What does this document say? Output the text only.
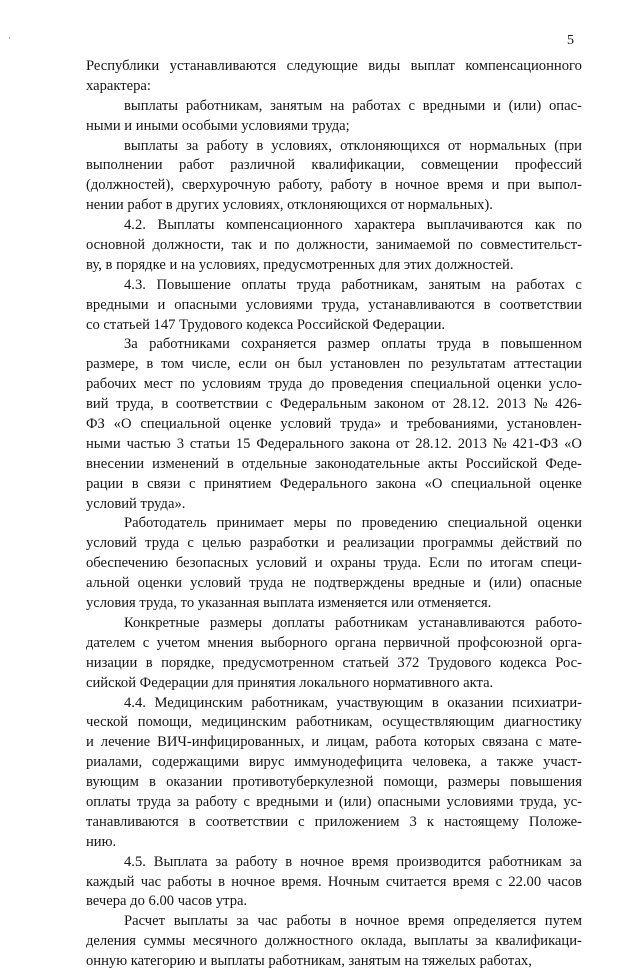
·	5
Республики устанавливаются следующие виды выплат компенсационного
характера:
выплаты работникам, занятым на работах с вредными и (или) опас-
ными и иными особыми условиями труда;
выплаты за работу в условиях, отклоняющихся от нормальных (при
выполнении работ различной квалификации, совмещении профессий
(должностей), сверхурочную работу, работу в ночное время и при выпол-
нении работ в других условиях, отклоняющихся от нормальных).
4.2. Выплаты компенсационного характера выплачиваются как по
основной должности, так и по должности, занимаемой по совместительст-
ву, в порядке и на условиях, предусмотренных для этих должностей.
4.3. Повышение оплаты труда работникам, занятым на работах с
вредными и опасными условиями труда, устанавливаются в соответствии
со статьей 147 Трудового кодекса Российской Федерации.
За работниками сохраняется размер оплаты труда в повышенном
размере, в том числе, если он был установлен по результатам аттестации
рабочих мест по условиям труда до проведения специальной оценки усло-
вий труда, в соответствии с Федеральным законом от 28.12. 2013 № 426-
ФЗ «О специальной оценке условий труда» и требованиями, установлен-
ными частью 3 статьи 15 Федерального закона от 28.12. 2013 № 421-ФЗ «О
внесении изменений в отдельные законодательные акты Российской Феде-
рации в связи с принятием Федерального закона «О специальной оценке
условий труда».
Работодатель принимает меры по проведению специальной оценки
условий труда с целью разработки и реализации программы действий по
обеспечению безопасных условий и охраны труда. Если по итогам специ-
альной оценки условий труда не подтверждены вредные и (или) опасные
условия труда, то указанная выплата изменяется или отменяется.
Конкретные размеры доплаты работникам устанавливаются работо-
дателем с учетом мнения выборного органа первичной профсоюзной орга-
низации в порядке, предусмотренном статьей 372 Трудового кодекса Рос-
сийской Федерации для принятия локального нормативного акта.
4.4. Медицинским работникам, участвующим в оказании психиатри-
ческой помощи, медицинским работникам, осуществляющим диагностику
и лечение ВИЧ-инфицированных, и лицам, работа которых связана с мате-
риалами, содержащими вирус иммунодефицита человека, а также участ-
вующим в оказании противотуберкулезной помощи, размеры повышения
оплаты труда за работу с вредными и (или) опасными условиями труда, ус-
танавливаются в соответствии с приложением 3 к настоящему Положе-
нию.
4.5. Выплата за работу в ночное время производится работникам за
каждый час работы в ночное время. Ночным считается время с 22.00 часов
вечера до 6.00 часов утра.
Расчет выплаты за час работы в ночное время определяется путем
деления суммы месячного должностного оклада, выплаты за квалификаци-
онную категорию и выплаты работникам, занятым на тяжелых работах,
